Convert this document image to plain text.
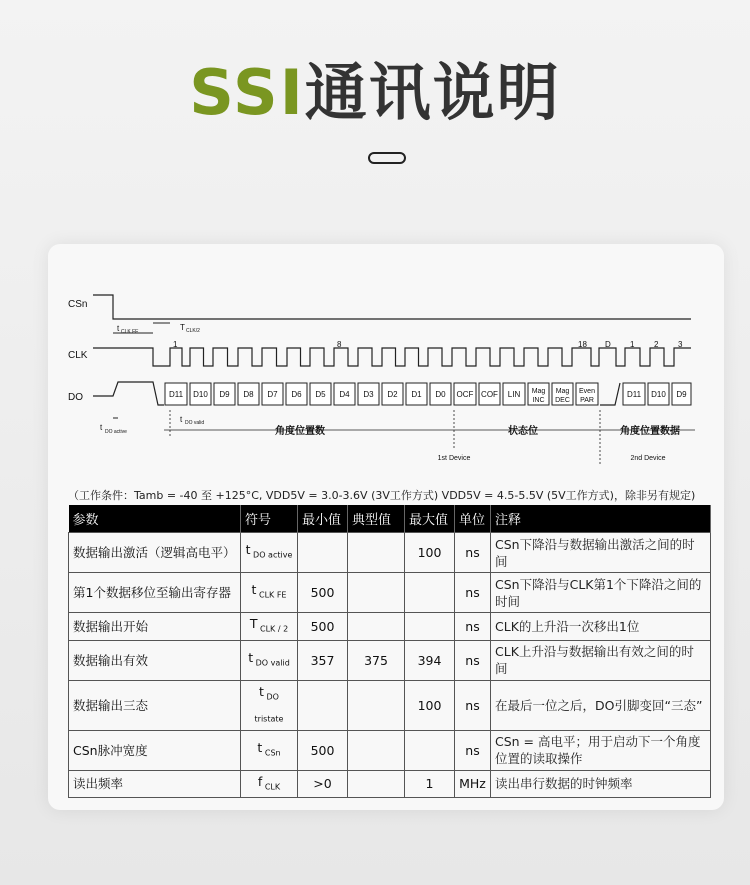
SSI通讯说明
CSn
CLK
DO
1	8	18 D 1 2 3
D11 D10 D9 D8 D7 D6 D5 D4 D3 D2 D1 D0 OCF COF LIN Mag
INC
Mag
DEC
Even
PAR
D11 D10 D9
t CLK FE	T CLK/2
t DO active
t DO valid
角度位置数	状态位	角度位置数据
1st Device	2nd Device
（工作条件：Tamb = -40 至 +125°C, VDD5V = 3.0-3.6V (3V工作方式) VDD5V = 4.5-5.5V (5V工作方式)，除非另有规定)
参数	符号	最小值	典型值	最大值	单位	注释
数据输出激活（逻辑高电平）	t $_{DO active}$			100	ns	CSn下降沿与数据输出激活之间的时间
第1个数据移位至输出寄存器	t $_{CLK FE}$	500			ns	CSn下降沿与CLK第1个下降沿之间的时间
数据输出开始	T $_{CLK / 2}$	500			ns	CLK的上升沿一次移出1位
数据输出有效	t $_{DO valid}$	357	375	394	ns	CLK上升沿与数据输出有效之间的时间
数据输出三态	t $_{DO tristate}$			100	ns	在最后一位之后，DO引脚变回“三态”
CSn脉冲宽度	t $_{CSn}$	500			ns	CSn = 高电平；用于启动下一个角度位置的读取操作
读出频率	f $_{CLK}$	>0		1	MHz	读出串行数据的时钟频率
